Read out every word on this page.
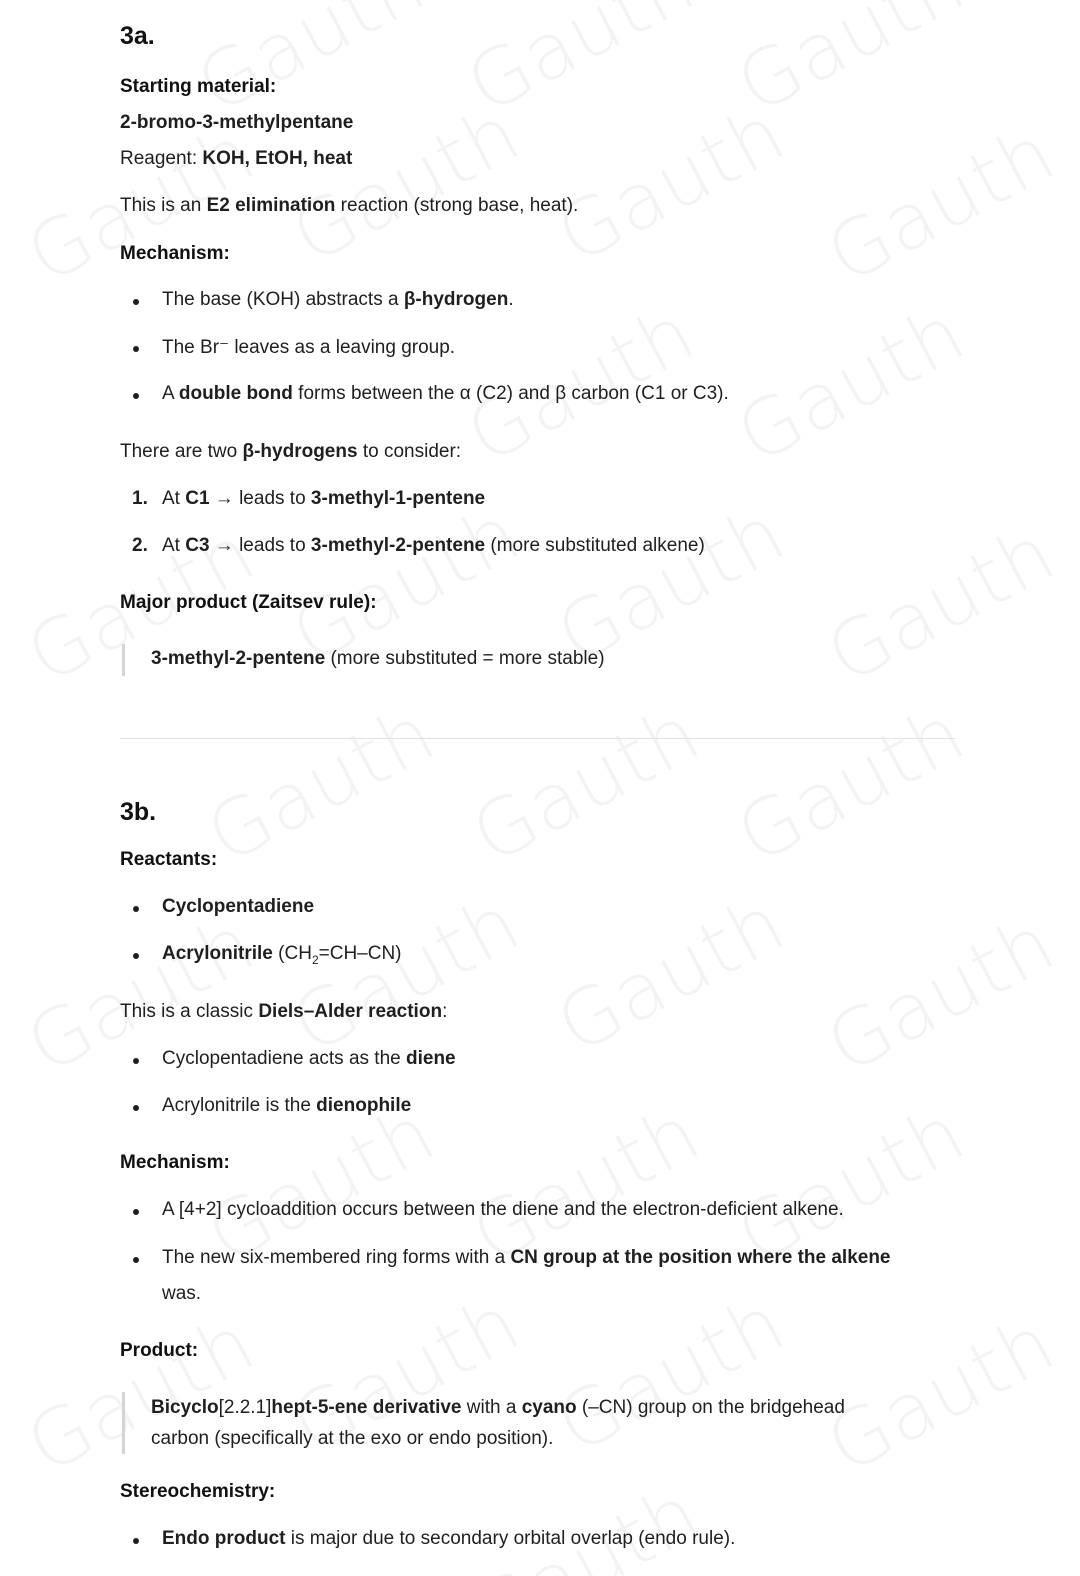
3a.
Starting material:
2-bromo-3-methylpentane
Reagent: KOH, EtOH, heat
This is an E2 elimination reaction (strong base, heat).
Mechanism:
The base (KOH) abstracts a β-hydrogen.
The Br⁻ leaves as a leaving group.
A double bond forms between the α (C2) and β carbon (C1 or C3).
There are two β-hydrogens to consider:
1. At C1 → leads to 3-methyl-1-pentene
2. At C3 → leads to 3-methyl-2-pentene (more substituted alkene)
Major product (Zaitsev rule):
3-methyl-2-pentene (more substituted = more stable)
3b.
Reactants:
Cyclopentadiene
Acrylonitrile $(CH_2=CH-CN)$
This is a classic Diels–Alder reaction:
Cyclopentadiene acts as the diene
Acrylonitrile is the dienophile
Mechanism:
A [4+2] cycloaddition occurs between the diene and the electron-deficient alkene.
The new six-membered ring forms with a CN group at the position where the alkene
was.
Product:
Bicyclo[2.2.1]hept-5-ene derivative with a cyano (–CN) group on the bridgehead
carbon (specifically at the exo or endo position).
Stereochemistry:
Endo product is major due to secondary orbital overlap (endo rule).
